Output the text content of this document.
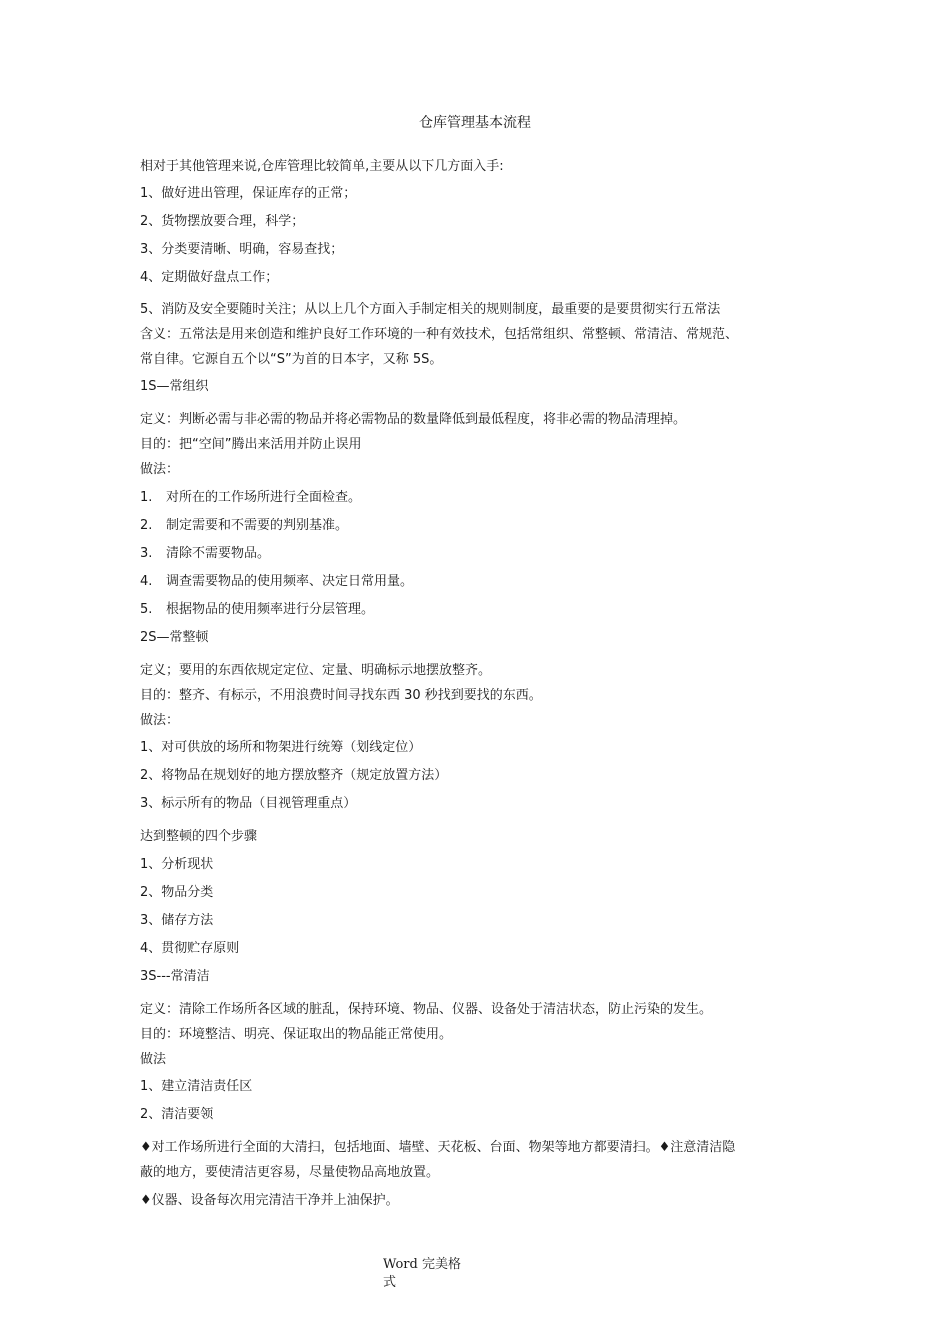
仓库管理基本流程
相对于其他管理来说,仓库管理比较简单,主要从以下几方面入手:
1、做好进出管理，保证库存的正常；
2、货物摆放要合理，科学；
3、分类要清晰、明确，容易查找；
4、定期做好盘点工作；
5、消防及安全要随时关注；从以上几个方面入手制定相关的规则制度，最重要的是要贯彻实行五常法
含义：五常法是用来创造和维护良好工作环境的一种有效技术，包括常组织、常整顿、常清洁、常规范、
常自律。它源自五个以“S”为首的日本字，又称 5S。
1S—常组织
定义：判断必需与非必需的物品并将必需物品的数量降低到最低程度，将非必需的物品清理掉。
目的：把“空间”腾出来活用并防止误用
做法：
1. 对所在的工作场所进行全面检查。
2. 制定需要和不需要的判别基准。
3. 清除不需要物品。
4. 调查需要物品的使用频率、决定日常用量。
5. 根据物品的使用频率进行分层管理。
2S—常整顿
定义；要用的东西依规定定位、定量、明确标示地摆放整齐。
目的：整齐、有标示，不用浪费时间寻找东西 30 秒找到要找的东西。
做法：
1、对可供放的场所和物架进行统筹（划线定位）
2、将物品在规划好的地方摆放整齐（规定放置方法）
3、标示所有的物品（目视管理重点）
达到整顿的四个步骤
1、分析现状
2、物品分类
3、储存方法
4、贯彻贮存原则
3S---常清洁
定义：清除工作场所各区域的脏乱，保持环境、物品、仪器、设备处于清洁状态，防止污染的发生。
目的：环境整洁、明亮、保证取出的物品能正常使用。
做法
1、建立清洁责任区
2、清洁要领
♦对工作场所进行全面的大清扫，包括地面、墙壁、天花板、台面、物架等地方都要清扫。♦注意清洁隐
蔽的地方，要使清洁更容易，尽量使物品高地放置。
♦仪器、设备每次用完清洁干净并上油保护。
Word 完美格
式
